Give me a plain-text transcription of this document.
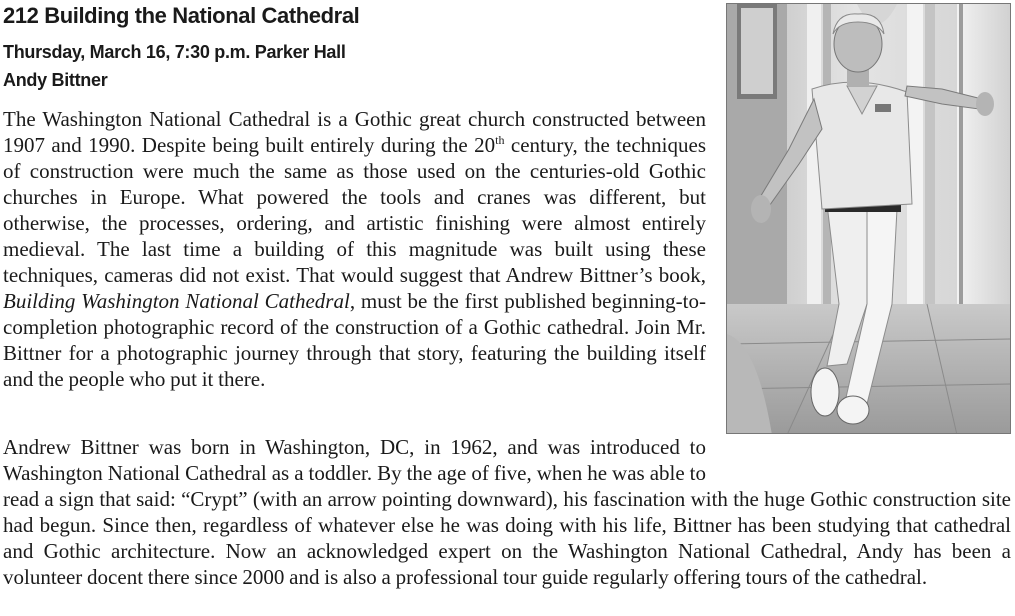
212 Building the National Cathedral
Thursday, March 16, 7:30 p.m. Parker Hall
Andy Bittner
The Washington National Cathedral is a Gothic great church constructed between 1907 and 1990. Despite being built entirely during the 20th century, the techniques of construction were much the same as those used on the centuries-old Gothic churches in Europe. What powered the tools and cranes was different, but otherwise, the processes, ordering, and artistic finishing were almost entirely medieval. The last time a building of this magnitude was built using these techniques, cameras did not exist. That would suggest that Andrew Bittner’s book, Building Washington National Cathedral, must be the first published beginning-to-completion photographic record of the construction of a Gothic cathedral. Join Mr. Bittner for a photographic journey through that story, featuring the building itself and the people who put it there.
Andrew Bittner was born in Washington, DC, in 1962, and was introduced to Washington National Cathedral as a toddler. By the age of five, when he was able to read a sign that said: “Crypt” (with an arrow pointing downward), his fascination with the huge Gothic construction site had begun. Since then, regardless of whatever else he was doing with his life, Bittner has been studying that cathedral and Gothic architecture. Now an acknowledged expert on the Washington National Cathedral, Andy has been a volunteer docent there since 2000 and is also a professional tour guide regularly offering tours of the cathedral.
